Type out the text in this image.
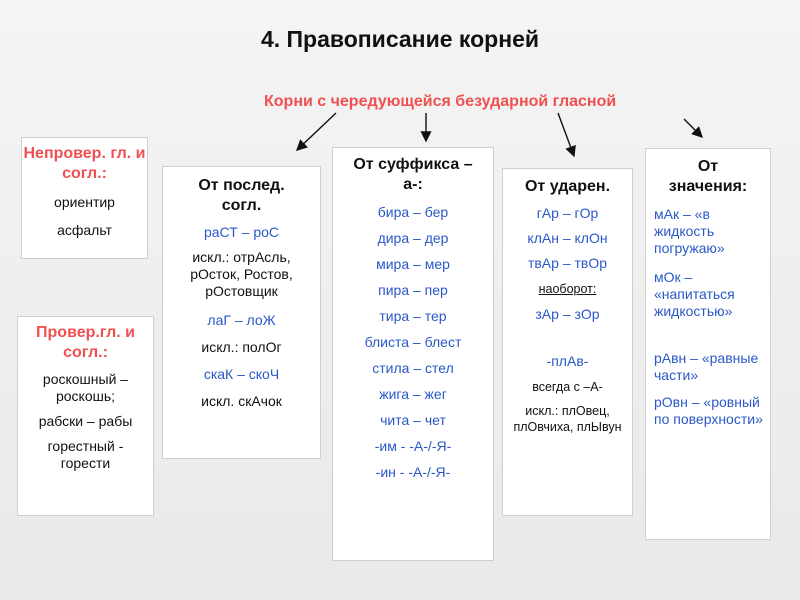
4. Правописание корней
Корни с чередующейся безударной гласной
Непровер. гл. и согл.:
ориентир
асфальт
Провер.гл. и согл.:
роскошный – роскошь;
рабски – рабы
горестный - горести
От послед. согл.
раСТ – роС
искл.: отрАсль, рОсток, Ростов, рОстовщик
лаГ – лоЖ
искл.: полОг
скаК – скоЧ
искл. скАчок
От суффикса –а-:
бира – бер
дира – дер
мира – мер
пира – пер
тира – тер
блиста – блест
стила – стел
жига – жег
чита – чет
-им - -А-/-Я-
-ин - -А-/-Я-
От ударен.
гАр – гОр
клАн – клОн
твАр – твОр
наоборот:
зАр – зОр
-плАв-
всегда с –А-
искл.: плОвец, плОвчиха, плЫвун
От значения:
мАк – «в жидкость погружаю»
мОк – «напитаться жидкостью»
рАвн – «равные части»
рОвн – «ровный по поверхности»
